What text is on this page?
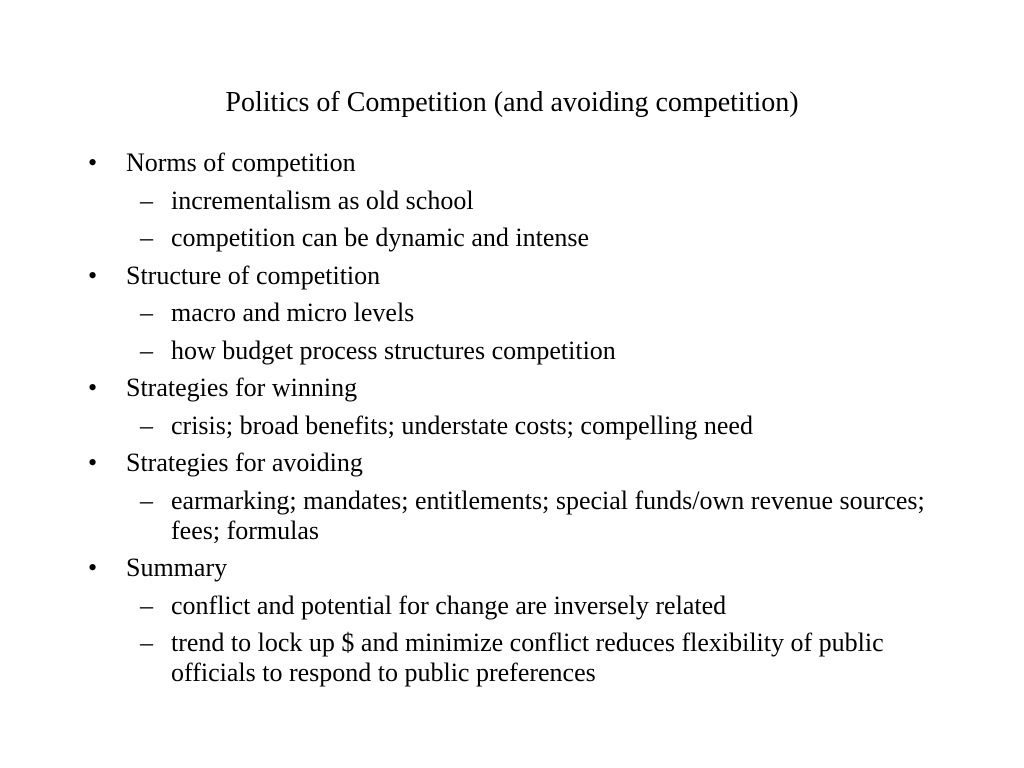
Politics of Competition (and avoiding competition)
• Norms of competition
– incrementalism as old school
– competition can be dynamic and intense
• Structure of competition
– macro and micro levels
– how budget process structures competition
• Strategies for winning
– crisis; broad benefits; understate costs; compelling need
• Strategies for avoiding
– earmarking; mandates; entitlements; special funds/own revenue sources; fees; formulas
• Summary
– conflict and potential for change are inversely related
– trend to lock up $ and minimize conflict reduces flexibility of public officials to respond to public preferences
